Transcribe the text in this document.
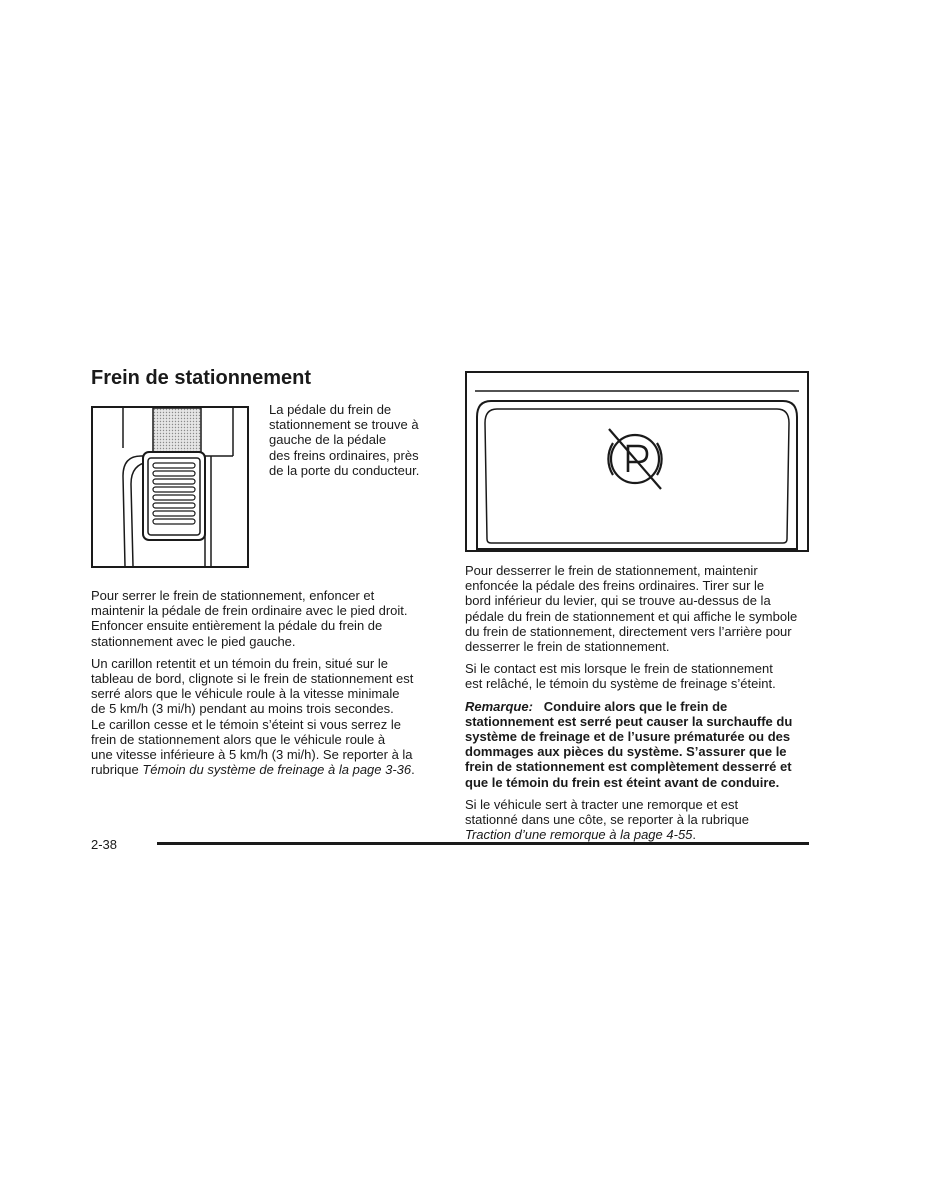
Frein de stationnement

La pédale du frein de
stationnement se trouve à
gauche de la pédale
des freins ordinaires, près
de la porte du conducteur.

Pour serrer le frein de stationnement, enfoncer et
maintenir la pédale de frein ordinaire avec le pied droit.
Enfoncer ensuite entièrement la pédale du frein de
stationnement avec le pied gauche.

Un carillon retentit et un témoin du frein, situé sur le
tableau de bord, clignote si le frein de stationnement est
serré alors que le véhicule roule à la vitesse minimale
de 5 km/h (3 mi/h) pendant au moins trois secondes.
Le carillon cesse et le témoin s’éteint si vous serrez le
frein de stationnement alors que le véhicule roule à
une vitesse inférieure à 5 km/h (3 mi/h). Se reporter à la
rubrique Témoin du système de freinage à la page 3-36.

Pour desserrer le frein de stationnement, maintenir
enfoncée la pédale des freins ordinaires. Tirer sur le
bord inférieur du levier, qui se trouve au-dessus de la
pédale du frein de stationnement et qui affiche le symbole
du frein de stationnement, directement vers l’arrière pour
desserrer le frein de stationnement.

Si le contact est mis lorsque le frein de stationnement
est relâché, le témoin du système de freinage s’éteint.

Remarque: Conduire alors que le frein de
stationnement est serré peut causer la surchauffe du
système de freinage et de l’usure prématurée ou des
dommages aux pièces du système. S’assurer que le
frein de stationnement est complètement desserré et
que le témoin du frein est éteint avant de conduire.

Si le véhicule sert à tracter une remorque et est
stationné dans une côte, se reporter à la rubrique
Traction d’une remorque à la page 4-55.

2-38
